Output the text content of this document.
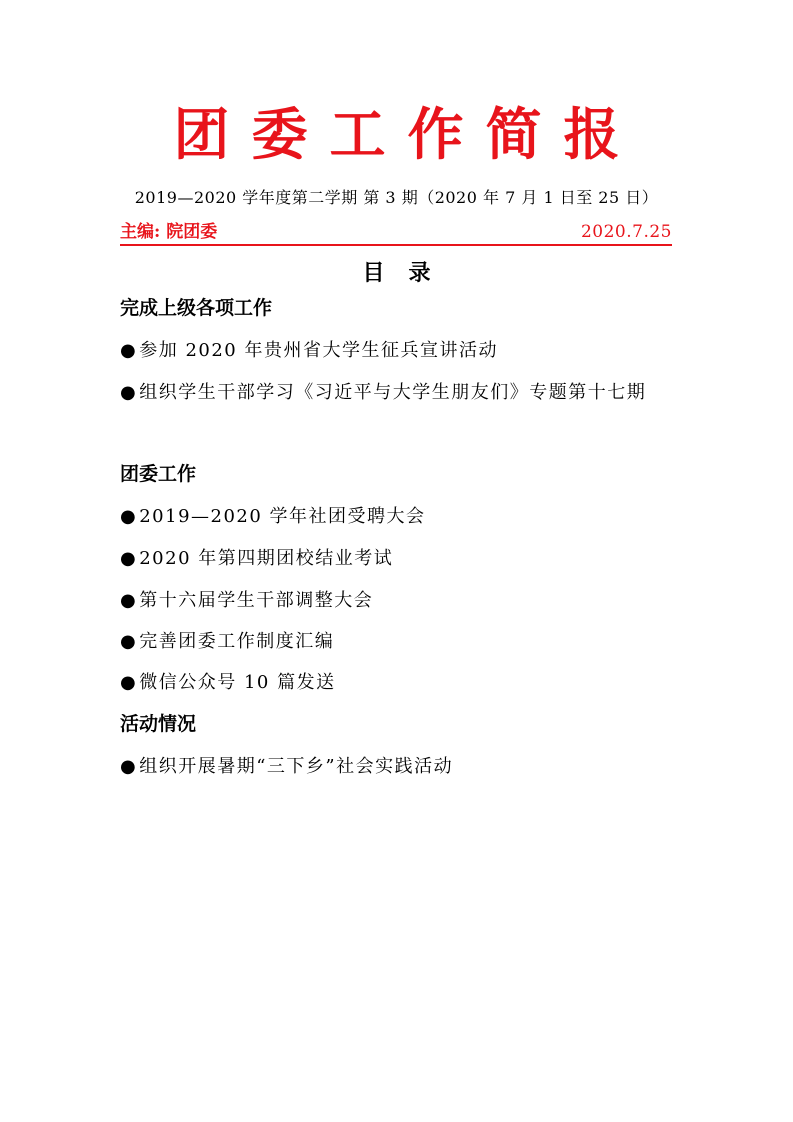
团委工作简报
2019—2020 学年度第二学期 第 3 期（2020 年 7 月 1 日至 25 日）
主编: 院团委	2020.7.25
目录
完成上级各项工作
● 参加 2020 年贵州省大学生征兵宣讲活动
● 组织学生干部学习《习近平与大学生朋友们》专题第十七期
团委工作
● 2019—2020 学年社团受聘大会
● 2020 年第四期团校结业考试
● 第十六届学生干部调整大会
● 完善团委工作制度汇编
● 微信公众号 10 篇发送
活动情况
● 组织开展暑期“三下乡”社会实践活动
